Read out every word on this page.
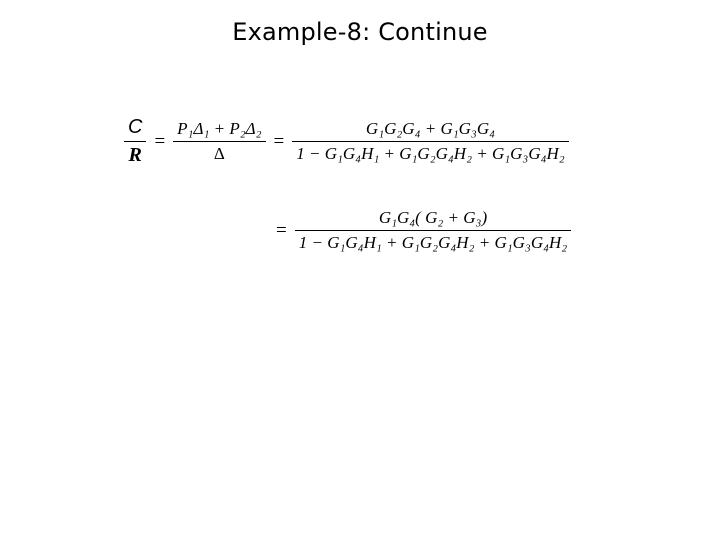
Example-8: Continue
$\frac{C}{R} = \frac{\text{P₁Δ₁ + P₂Δ₂}}{\Delta} = \frac{\text{G₁G₂G₄ + G₁G₃G₄}}{\text{1 − G₁G₄H₁ + G₁G₂G₄H₂ + G₁G₃G₄H₂}}$
= $\frac{\text{G₁G₄( G₂ + G₃)}}{\text{1 − G₁G₄H₁ + G₁G₂G₄H₂ + G₁G₃G₄H₂}}$
